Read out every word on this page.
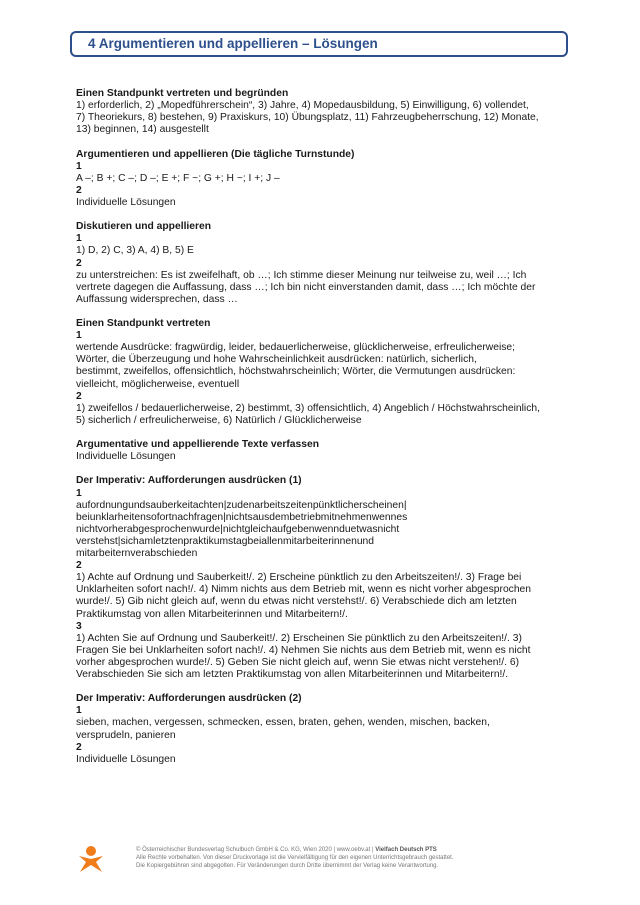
4 Argumentieren und appellieren – Lösungen
Einen Standpunkt vertreten und begründen
1) erforderlich, 2) „Mopedführerschein“, 3) Jahre, 4) Mopedausbildung, 5) Einwilligung, 6) vollendet,
7) Theoriekurs, 8) bestehen, 9) Praxiskurs, 10) Übungsplatz, 11) Fahrzeugbeherrschung, 12) Monate,
13) beginnen, 14) ausgestellt
Argumentieren und appellieren (Die tägliche Turnstunde)
1
A –; B +; C –; D –; E +; F ~; G +; H ~; I +; J –
2
Individuelle Lösungen
Diskutieren und appellieren
1
1) D, 2) C, 3) A, 4) B, 5) E
2
zu unterstreichen: Es ist zweifelhaft, ob …; Ich stimme dieser Meinung nur teilweise zu, weil …; Ich
vertrete dagegen die Auffassung, dass …; Ich bin nicht einverstanden damit, dass …; Ich möchte der
Auffassung widersprechen, dass …
Einen Standpunkt vertreten
1
wertende Ausdrücke: fragwürdig, leider, bedauerlicherweise, glücklicherweise, erfreulicherweise;
Wörter, die Überzeugung und hohe Wahrscheinlichkeit ausdrücken: natürlich, sicherlich,
bestimmt, zweifellos, offensichtlich, höchstwahrscheinlich; Wörter, die Vermutungen ausdrücken:
vielleicht, möglicherweise, eventuell
2
1) zweifellos / bedauerlicherweise, 2) bestimmt, 3) offensichtlich, 4) Angeblich / Höchstwahrscheinlich,
5) sicherlich / erfreulicherweise, 6) Natürlich / Glücklicherweise
Argumentative und appellierende Texte verfassen
Individuelle Lösungen
Der Imperativ: Aufforderungen ausdrücken (1)
1
aufordnungundsauberkeitachten|zudenarbeitszeitenpünktlicherscheinen|
beiunklarheitensofortnachfragen|nichtsausdembetriebmitnehmenwennes
nichtvorherabgesprochenwurde|nichtgleichaufgebenwennduetwasnicht
verstehst|sichamletztenpraktikumstagbeiallenmitarbeiterinnenund
mitarbeiternverabschieden
2
1) Achte auf Ordnung und Sauberkeit!/. 2) Erscheine pünktlich zu den Arbeitszeiten!/. 3) Frage bei
Unklarheiten sofort nach!/. 4) Nimm nichts aus dem Betrieb mit, wenn es nicht vorher abgesprochen
wurde!/. 5) Gib nicht gleich auf, wenn du etwas nicht verstehst!/. 6) Verabschiede dich am letzten
Praktikumstag von allen Mitarbeiterinnen und Mitarbeitern!/.
3
1) Achten Sie auf Ordnung und Sauberkeit!/. 2) Erscheinen Sie pünktlich zu den Arbeitszeiten!/. 3)
Fragen Sie bei Unklarheiten sofort nach!/. 4) Nehmen Sie nichts aus dem Betrieb mit, wenn es nicht
vorher abgesprochen wurde!/. 5) Geben Sie nicht gleich auf, wenn Sie etwas nicht verstehen!/. 6)
Verabschieden Sie sich am letzten Praktikumstag von allen Mitarbeiterinnen und Mitarbeitern!/.
Der Imperativ: Aufforderungen ausdrücken (2)
1
sieben, machen, vergessen, schmecken, essen, braten, gehen, wenden, mischen, backen,
versprudeln, panieren
2
Individuelle Lösungen
© Österreichischer Bundesverlag Schulbuch GmbH & Co. KG, Wien 2020 | www.oebv.at | Vielfach Deutsch PTS
Alle Rechte vorbehalten. Von dieser Druckvorlage ist die Vervielfältigung für den eigenen Unterrichtsgebrauch gestattet.
Die Kopiergebühren sind abgegolten. Für Veränderungen durch Dritte übernimmt der Verlag keine Verantwortung.
